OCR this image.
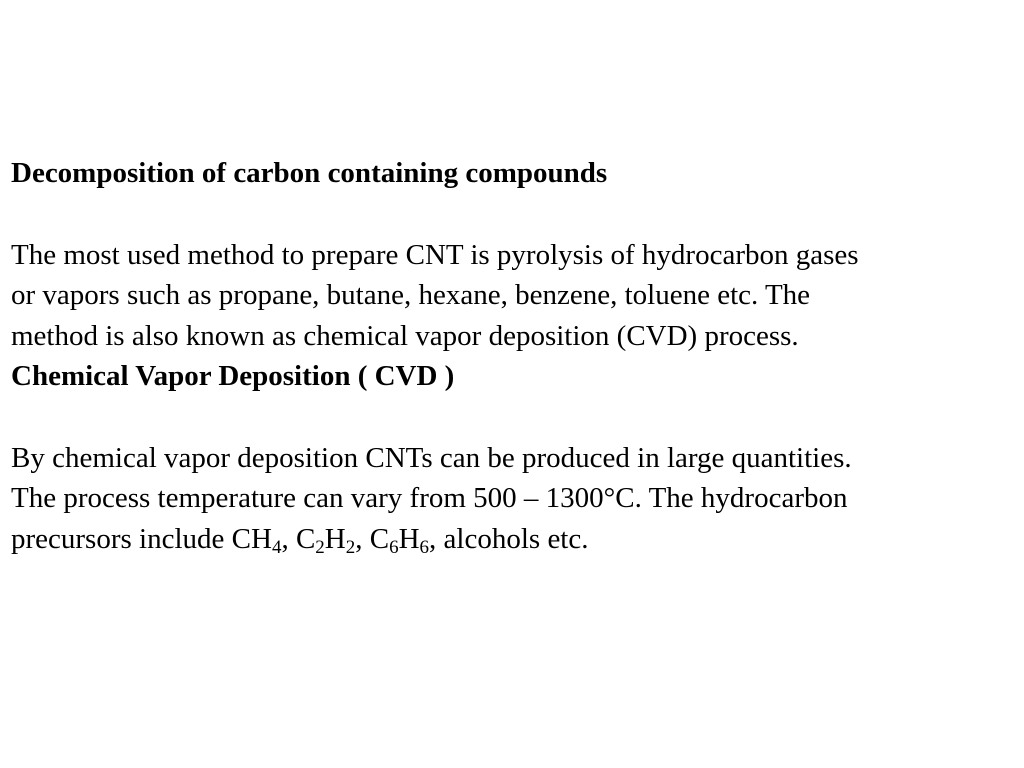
Decomposition of carbon containing compounds
The most used method to prepare CNT is pyrolysis of hydrocarbon gases
or vapors such as propane, butane, hexane, benzene, toluene etc. The
method is also known as chemical vapor deposition (CVD) process.
Chemical Vapor Deposition ( CVD )
By chemical vapor deposition CNTs can be produced in large quantities.
The process temperature can vary from 500 – 1300°C. The hydrocarbon
precursors include $CH_4$, $C_2H_2$, $C_6H_6$, alcohols etc.
